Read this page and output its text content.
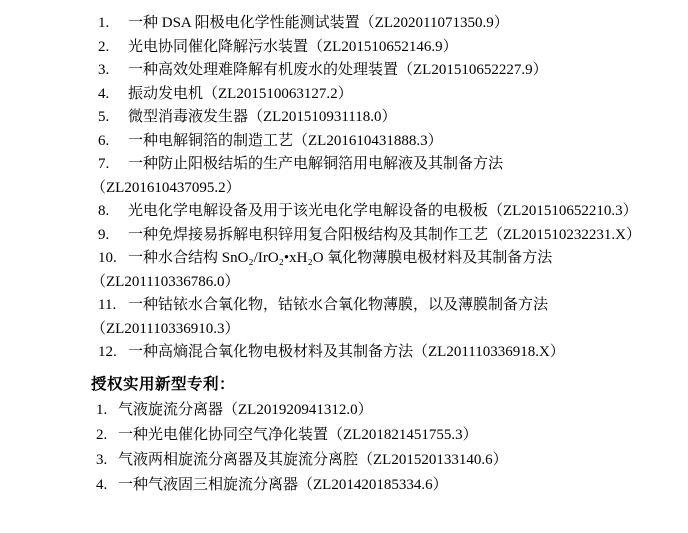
1.	一种 DSA 阳极电化学性能测试装置（ZL202011071350.9）
2.	光电协同催化降解污水装置（ZL201510652146.9）
3.	一种高效处理难降解有机废水的处理装置（ZL201510652227.9）
4.	振动发电机（ZL201510063127.2）
5.	微型消毒液发生器（ZL201510931118.0）
6.	一种电解铜箔的制造工艺（ZL201610431888.3）
7.	一种防止阳极结垢的生产电解铜箔用电解液及其制备方法
（ZL201610437095.2）
8.	光电化学电解设备及用于该光电化学电解设备的电极板（ZL201510652210.3）
9.	一种免焊接易拆解电积锌用复合阳极结构及其制作工艺（ZL201510232231.X）
10. 一种水合结构 SnO₂/IrO₂•xH₂O 氧化物薄膜电极材料及其制备方法
（ZL201110336786.0）
11. 一种钴铱水合氧化物，钴铱水合氧化物薄膜，以及薄膜制备方法
（ZL201110336910.3）
12. 一种高熵混合氧化物电极材料及其制备方法（ZL201110336918.X）
授权实用新型专利：
1. 气液旋流分离器（ZL201920941312.0）
2. 一种光电催化协同空气净化装置（ZL201821451755.3）
3. 气液两相旋流分离器及其旋流分离腔（ZL201520133140.6）
4. 一种气液固三相旋流分离器（ZL201420185334.6）
